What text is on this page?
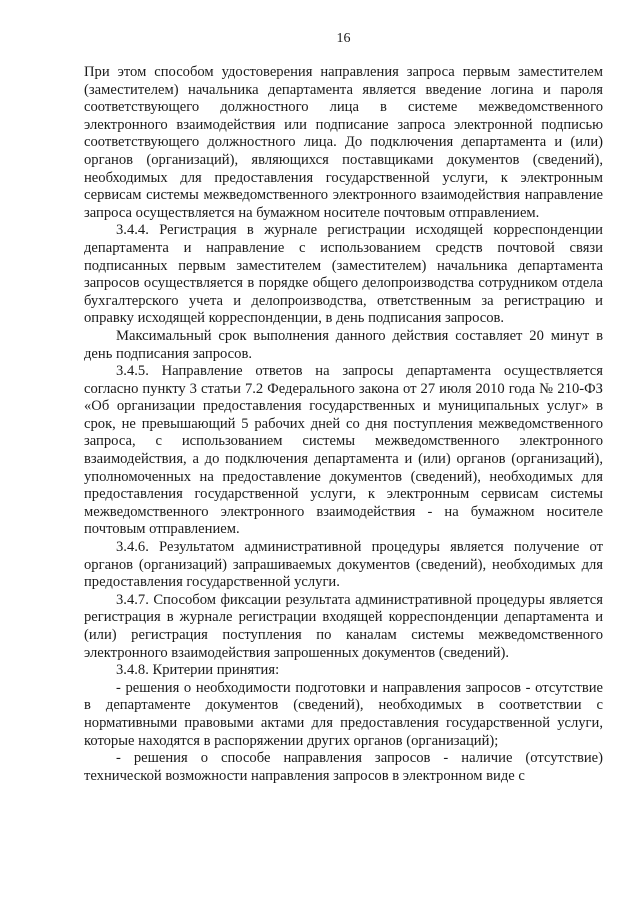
16

При этом способом удостоверения направления запроса первым заместителем (заместителем) начальника департамента является введение логина и пароля соответствующего должностного лица в системе межведомственного электронного взаимодействия или подписание запроса электронной подписью соответствующего должностного лица. До подключения департамента и (или) органов (организаций), являющихся поставщиками документов (сведений), необходимых для предоставления государственной услуги, к электронным сервисам системы межведомственного электронного взаимодействия направление запроса осуществляется на бумажном носителе почтовым отправлением.

3.4.4. Регистрация в журнале регистрации исходящей корреспонденции департамента и направление с использованием средств почтовой связи подписанных первым заместителем (заместителем) начальника департамента запросов осуществляется в порядке общего делопроизводства сотрудником отдела бухгалтерского учета и делопроизводства, ответственным за регистрацию и оправку исходящей корреспонденции, в день подписания запросов.

Максимальный срок выполнения данного действия составляет 20 минут в день подписания запросов.

3.4.5. Направление ответов на запросы департамента осуществляется согласно пункту 3 статьи 7.2 Федерального закона от 27 июля 2010 года № 210-ФЗ «Об организации предоставления государственных и муниципальных услуг» в срок, не превышающий 5 рабочих дней со дня поступления межведомственного запроса, с использованием системы межведомственного электронного взаимодействия, а до подключения департамента и (или) органов (организаций), уполномоченных на предоставление документов (сведений), необходимых для предоставления государственной услуги, к электронным сервисам системы межведомственного электронного взаимодействия - на бумажном носителе почтовым отправлением.

3.4.6. Результатом административной процедуры является получение от органов (организаций) запрашиваемых документов (сведений), необходимых для предоставления государственной услуги.

3.4.7. Способом фиксации результата административной процедуры является регистрация в журнале регистрации входящей корреспонденции департамента и (или) регистрация поступления по каналам системы межведомственного электронного взаимодействия запрошенных документов (сведений).

3.4.8. Критерии принятия:

- решения о необходимости подготовки и направления запросов - отсутствие в департаменте документов (сведений), необходимых в соответствии с нормативными правовыми актами для предоставления государственной услуги, которые находятся в распоряжении других органов (организаций);

- решения о способе направления запросов - наличие (отсутствие) технической возможности направления запросов в электронном виде с
